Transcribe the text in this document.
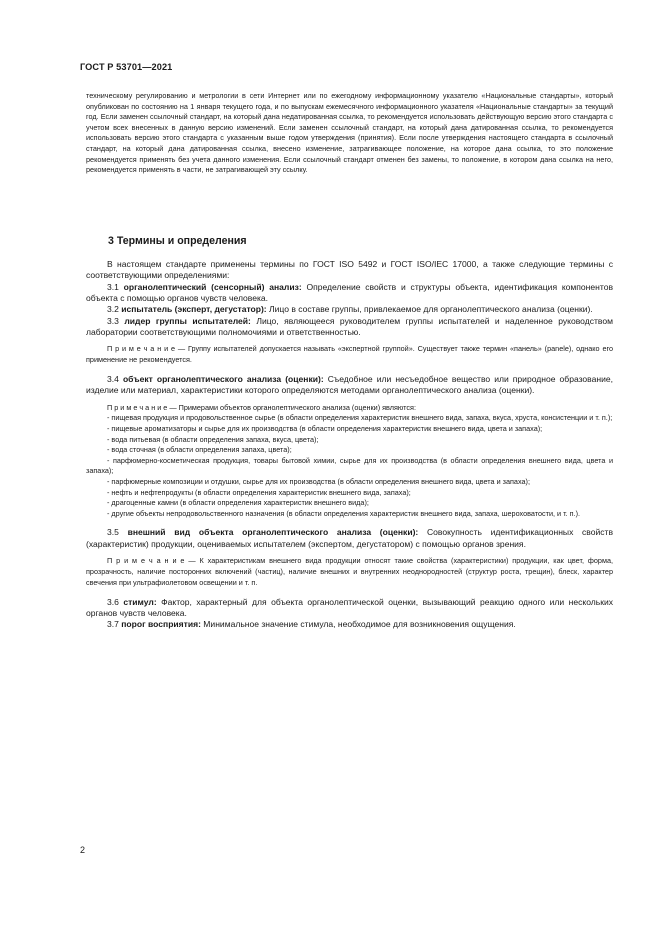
ГОСТ Р 53701—2021

техническому регулированию и метрологии в сети Интернет или по ежегодному информационному указателю «Национальные стандарты», который опубликован по состоянию на 1 января текущего года, и по выпускам ежемесячного информационного указателя «Национальные стандарты» за текущий год. Если заменен ссылочный стандарт, на который дана недатированная ссылка, то рекомендуется использовать действующую версию этого стандарта с учетом всех внесенных в данную версию изменений. Если заменен ссылочный стандарт, на который дана датированная ссылка, то рекомендуется использовать версию этого стандарта с указанным выше годом утверждения (принятия). Если после утверждения настоящего стандарта в ссылочный стандарт, на который дана датированная ссылка, внесено изменение, затрагивающее положение, на которое дана ссылка, то это положение рекомендуется применять без учета данного изменения. Если ссылочный стандарт отменен без замены, то положение, в котором дана ссылка на него, рекомендуется применять в части, не затрагивающей эту ссылку.

3 Термины и определения

В настоящем стандарте применены термины по ГОСТ ISO 5492 и ГОСТ ISO/IEC 17000, а также следующие термины с соответствующими определениями:

3.1 органолептический (сенсорный) анализ: Определение свойств и структуры объекта, идентификация компонентов объекта с помощью органов чувств человека.

3.2 испытатель (эксперт, дегустатор): Лицо в составе группы, привлекаемое для органолептического анализа (оценки).

3.3 лидер группы испытателей: Лицо, являющееся руководителем группы испытателей и наделенное руководством лаборатории соответствующими полномочиями и ответственностью.

П р и м е ч а н и е — Группу испытателей допускается называть «экспертной группой». Существует также термин «панель» (panele), однако его применение не рекомендуется.

3.4 объект органолептического анализа (оценки): Съедобное или несъедобное вещество или природное образование, изделие или материал, характеристики которого определяются методами органолептического анализа (оценки).

П р и м е ч а н и е — Примерами объектов органолептического анализа (оценки) являются:

- пищевая продукция и продовольственное сырье (в области определения характеристик внешнего вида, запаха, вкуса, хруста, консистенции и т. п.);

- пищевые ароматизаторы и сырье для их производства (в области определения характеристик внешнего вида, цвета и запаха);

- вода питьевая (в области определения запаха, вкуса, цвета);

- вода сточная (в области определения запаха, цвета);

- парфюмерно-косметическая продукция, товары бытовой химии, сырье для их производства (в области определения внешнего вида, цвета и запаха);

- парфюмерные композиции и отдушки, сырье для их производства (в области определения внешнего вида, цвета и запаха);

- нефть и нефтепродукты (в области определения характеристик внешнего вида, запаха);

- драгоценные камни (в области определения характеристик внешнего вида);

- другие объекты непродовольственного назначения (в области определения характеристик внешнего вида, запаха, шероховатости, и т. п.).

3.5 внешний вид объекта органолептического анализа (оценки): Совокупность идентификационных свойств (характеристик) продукции, оцениваемых испытателем (экспертом, дегустатором) с помощью органов зрения.

П р и м е ч а н и е — К характеристикам внешнего вида продукции относят такие свойства (характеристики) продукции, как цвет, форма, прозрачность, наличие посторонних включений (частиц), наличие внешних и внутренних неоднородностей (структур роста, трещин), блеск, характер свечения при ультрафиолетовом освещении и т. п.

3.6 стимул: Фактор, характерный для объекта органолептической оценки, вызывающий реакцию одного или нескольких органов чувств человека.

3.7 порог восприятия: Минимальное значение стимула, необходимое для возникновения ощущения.

2
